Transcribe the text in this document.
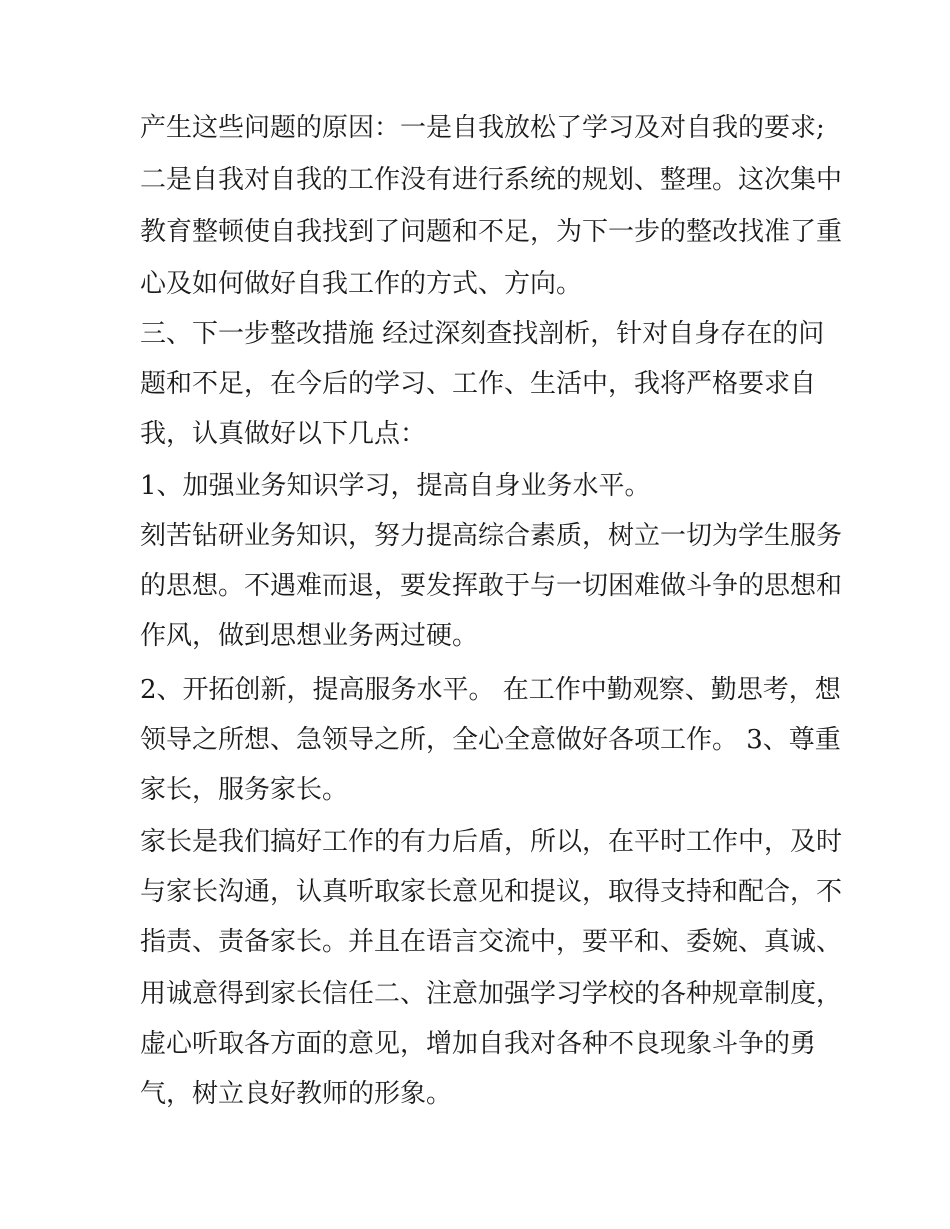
产生这些问题的原因：一是自我放松了学习及对自我的要求;
二是自我对自我的工作没有进行系统的规划、整理。这次集中
教育整顿使自我找到了问题和不足，为下一步的整改找准了重
心及如何做好自我工作的方式、方向。
三、下一步整改措施 经过深刻查找剖析，针对自身存在的问
题和不足，在今后的学习、工作、生活中，我将严格要求自
我，认真做好以下几点：
1、加强业务知识学习，提高自身业务水平。
刻苦钻研业务知识，努力提高综合素质，树立一切为学生服务
的思想。不遇难而退，要发挥敢于与一切困难做斗争的思想和
作风，做到思想业务两过硬。
2、开拓创新，提高服务水平。 在工作中勤观察、勤思考，想
领导之所想、急领导之所，全心全意做好各项工作。 3、尊重
家长，服务家长。
家长是我们搞好工作的有力后盾，所以，在平时工作中，及时
与家长沟通，认真听取家长意见和提议，取得支持和配合，不
指责、责备家长。并且在语言交流中，要平和、委婉、真诚、
用诚意得到家长信任二、注意加强学习学校的各种规章制度，
虚心听取各方面的意见，增加自我对各种不良现象斗争的勇
气，树立良好教师的形象。
